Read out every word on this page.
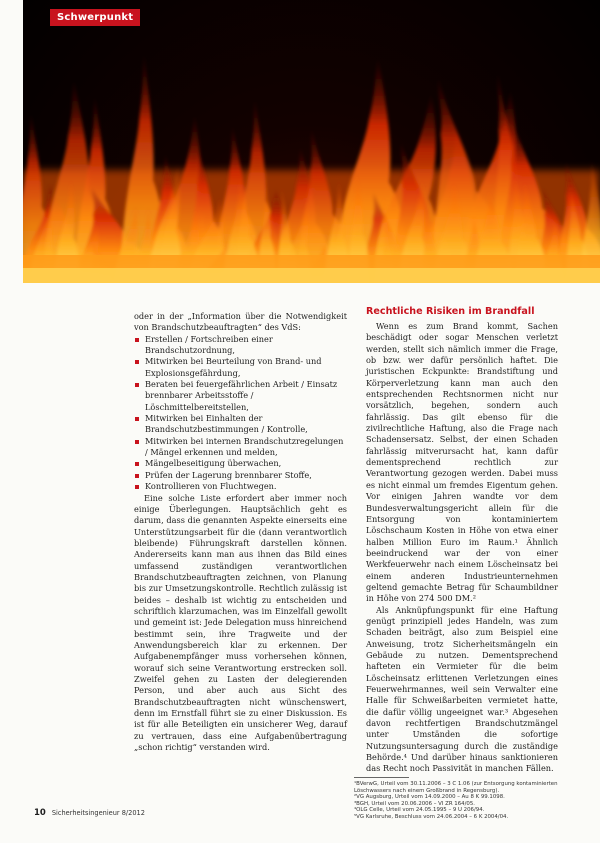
Schwerpunkt

oder in der „Information über die Notwendigkeit von Brandschutzbeauftragten“ des VdS:

Erstellen / Fortschreiben einer Brandschutzordnung,
Mitwirken bei Beurteilung von Brand- und Explosionsgefährdung,
Beraten bei feuergefährlichen Arbeit / Einsatz brennbarer Arbeitsstoffe / Löschmittelbereitstellen,
Mitwirken bei Einhalten der Brandschutzbestimmungen / Kontrolle,
Mitwirken bei internen Brandschutzregelungen / Mängel erkennen und melden,
Mängelbeseitigung überwachen,
Prüfen der Lagerung brennbarer Stoffe,
Kontrollieren von Fluchtwegen.

Eine solche Liste erfordert aber immer noch einige Überlegungen. Hauptsächlich geht es darum, dass die genannten Aspekte einerseits eine Unterstützungsarbeit für die (dann verantwortlich bleibende) Führungskraft darstellen können. Andererseits kann man aus ihnen das Bild eines umfassend zuständigen verantwortlichen Brandschutzbeauftragten zeichnen, von Planung bis zur Umsetzungskontrolle. Rechtlich zulässig ist beides – deshalb ist wichtig zu entscheiden und schriftlich klarzumachen, was im Einzelfall gewollt und gemeint ist: Jede Delegation muss hinreichend bestimmt sein, ihre Tragweite und der Anwendungsbereich klar zu erkennen. Der Aufgabenempfänger muss vorhersehen können, worauf sich seine Verantwortung erstrecken soll. Zweifel gehen zu Lasten der delegierenden Person, und aber auch aus Sicht des Brandschutzbeauftragten nicht wünschenswert, denn im Ernstfall führt sie zu einer Diskussion. Es ist für alle Beteiligten ein unsicherer Weg, darauf zu vertrauen, dass eine Aufgabenübertragung „schon richtig“ verstanden wird.

Rechtliche Risiken im Brandfall

Wenn es zum Brand kommt, Sachen beschädigt oder sogar Menschen verletzt werden, stellt sich nämlich immer die Frage, ob bzw. wer dafür persönlich haftet. Die juristischen Eckpunkte: Brandstiftung und Körperverletzung kann man auch den entsprechenden Rechtsnormen nicht nur vorsätzlich, begehen, sondern auch fahrlässig. Das gilt ebenso für die zivilrechtliche Haftung, also die Frage nach Schadensersatz. Selbst, der einen Schaden fahrlässig mitverursacht hat, kann dafür dementsprechend rechtlich zur Verantwortung gezogen werden. Dabei muss es nicht einmal um fremdes Eigentum gehen. Vor einigen Jahren wandte vor dem Bundesverwaltungsgericht allein für die Entsorgung von kontaminiertem Löschschaum Kosten in Höhe von etwa einer halben Million Euro im Raum.¹ Ähnlich beeindruckend war der von einer Werkfeuerwehr nach einem Löscheinsatz bei einem anderen Industrieunternehmen geltend gemachte Betrag für Schaumbildner in Höhe von 274 500 DM.²

Als Anknüpfungspunkt für eine Haftung genügt prinzipiell jedes Handeln, was zum Schaden beiträgt, also zum Beispiel eine Anweisung, trotz Sicherheitsmängeln ein Gebäude zu nutzen. Dementsprechend hafteten ein Vermieter für die beim Löscheinsatz erlittenen Verletzungen eines Feuerwehrmannes, weil sein Verwalter eine Halle für Schweißarbeiten vermietet hatte, die dafür völlig ungeeignet war.³ Abgesehen davon rechtfertigen Brandschutzmängel unter Umständen die sofortige Nutzungsuntersagung durch die zuständige Behörde.⁴ Und darüber hinaus sanktionieren das Recht noch Passivität in manchen Fällen.

¹BVerwG, Urteil vom 30.11.2006 – 3 C 1.06 (zur Entsorgung kontaminierten Löschwassers nach einem Großbrand in Regensburg).
²VG Augsburg, Urteil vom 14.09.2000 – Au 8 K 99.1098.
³BGH, Urteil vom 20.06.2006 – VI ZR 164/05.
⁴OLG Celle, Urteil vom 24.05.1995 – 9 U 206/94.
⁵VG Karlsruhe, Beschluss vom 24.06.2004 – 6 K 2004/04.
10 Sicherheitsingenieur 8/2012
